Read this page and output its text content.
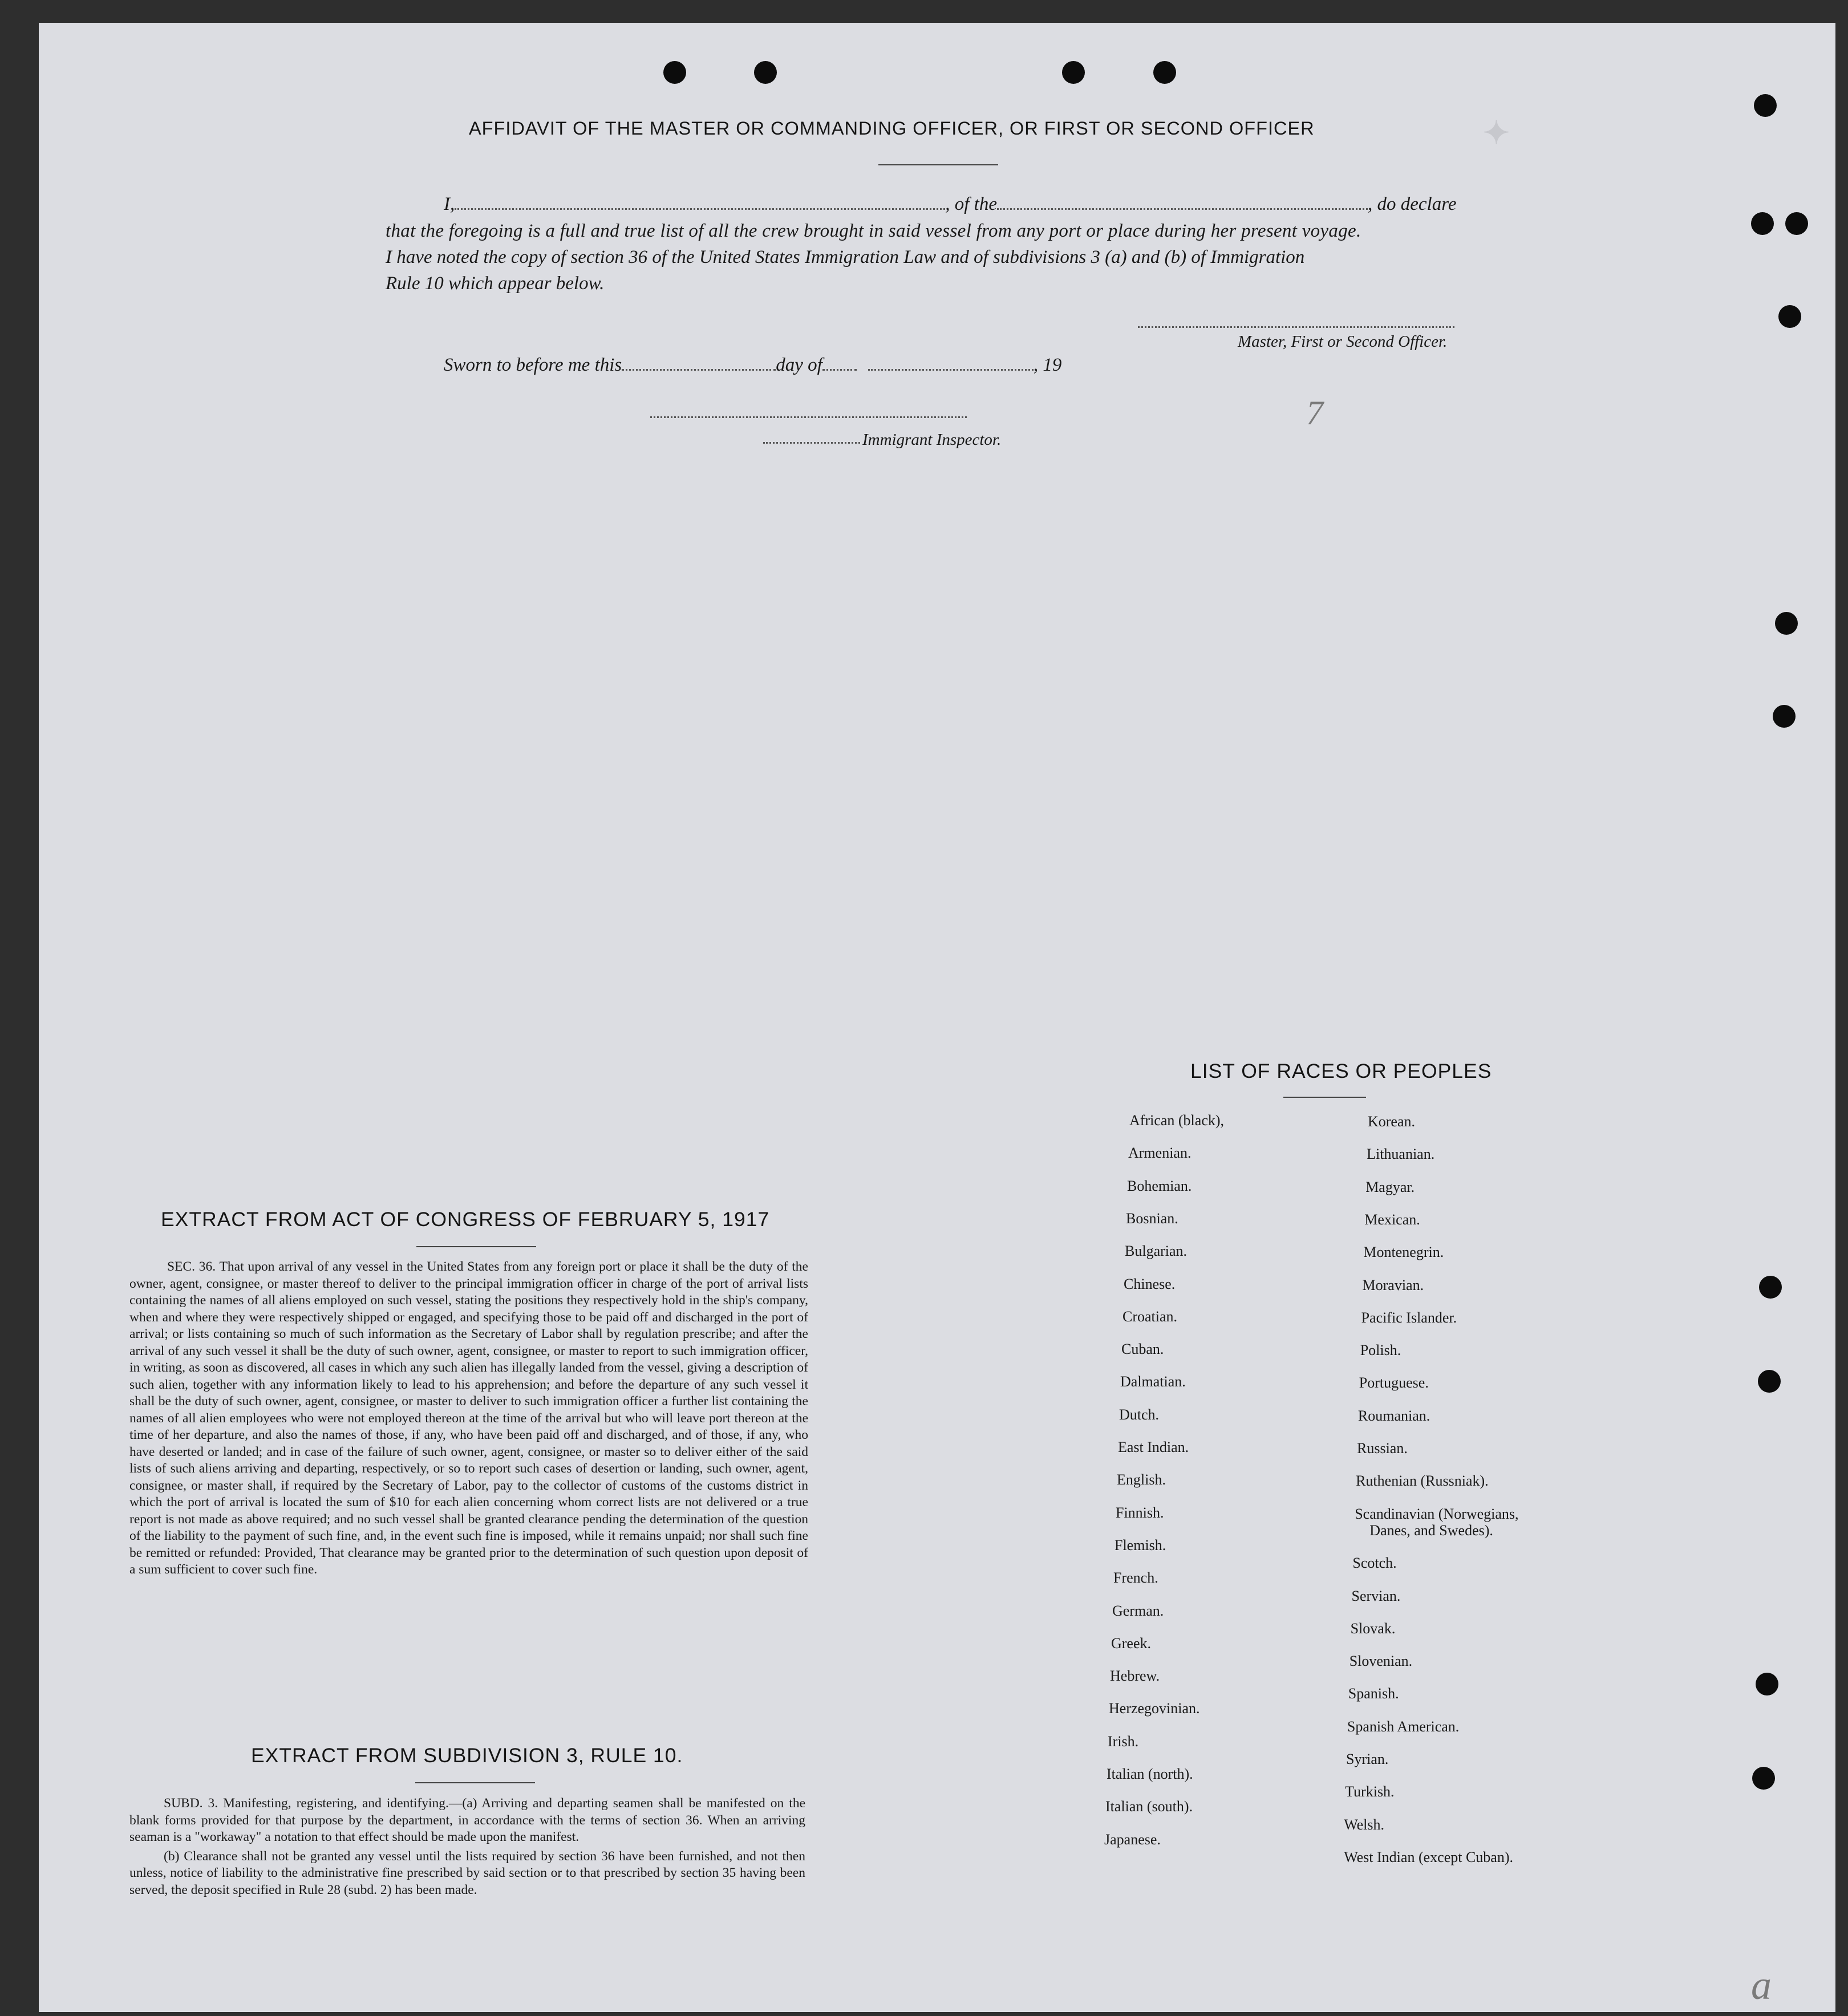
✦
AFFIDAVIT OF THE MASTER OR COMMANDING OFFICER, OR FIRST OR SECOND OFFICER
I,	, of the	, do declare
that the foregoing is a full and true list of all the crew brought in said vessel from any port or place during her present voyage.
I have noted the copy of section 36 of the United States Immigration Law and of subdivisions 3 (a) and (b) of Immigration
Rule 10 which appear below.
Master, First or Second Officer.
Sworn to before me this	day of	, 19
Immigrant Inspector.
7
EXTRACT FROM ACT OF CONGRESS OF FEBRUARY 5, 1917

SEC. 36. That upon arrival of any vessel in the United States from any foreign port or place it shall be the duty of the owner, agent, consignee, or master thereof to deliver to the principal immigration officer in charge of the port of arrival lists containing the names of all aliens employed on such vessel, stating the positions they respectively hold in the ship's company, when and where they were respectively shipped or engaged, and specifying those to be paid off and discharged in the port of arrival; or lists containing so much of such information as the Secretary of Labor shall by regulation prescribe; and after the arrival of any such vessel it shall be the duty of such owner, agent, consignee, or master to report to such immigration officer, in writing, as soon as discovered, all cases in which any such alien has illegally landed from the vessel, giving a description of such alien, together with any information likely to lead to his apprehension; and before the departure of any such vessel it shall be the duty of such owner, agent, consignee, or master to deliver to such immigration officer a further list containing the names of all alien employees who were not employed thereon at the time of the arrival but who will leave port thereon at the time of her departure, and also the names of those, if any, who have been paid off and discharged, and of those, if any, who have deserted or landed; and in case of the failure of such owner, agent, consignee, or master so to deliver either of the said lists of such aliens arriving and departing, respectively, or so to report such cases of desertion or landing, such owner, agent, consignee, or master shall, if required by the Secretary of Labor, pay to the collector of customs of the customs district in which the port of arrival is located the sum of $10 for each alien concerning whom correct lists are not delivered or a true report is not made as above required; and no such vessel shall be granted clearance pending the determination of the question of the liability to the payment of such fine, and, in the event such fine is imposed, while it remains unpaid; nor shall such fine be remitted or refunded: Provided, That clearance may be granted prior to the determination of such question upon deposit of a sum sufficient to cover such fine.

EXTRACT FROM SUBDIVISION 3, RULE 10.

SUBD. 3. Manifesting, registering, and identifying.—(a) Arriving and departing seamen shall be manifested on the blank forms provided for that purpose by the department, in accordance with the terms of section 36. When an arriving seaman is a "workaway" a notation to that effect should be made upon the manifest.

(b) Clearance shall not be granted any vessel until the lists required by section 36 have been furnished, and not then unless, notice of liability to the administrative fine prescribed by said section or to that prescribed by section 35 having been served, the deposit specified in Rule 28 (subd. 2) has been made.

LIST OF RACES OR PEOPLES
African (black),
Armenian.
Bohemian.
Bosnian.
Bulgarian.
Chinese.
Croatian.
Cuban.
Dalmatian.
Dutch.
East Indian.
English.
Finnish.
Flemish.
French.
German.
Greek.
Hebrew.
Herzegovinian.
Irish.
Italian (north).
Italian (south).
Japanese.
Korean.
Lithuanian.
Magyar.
Mexican.
Montenegrin.
Moravian.
Pacific Islander.
Polish.
Portuguese.
Roumanian.
Russian.
Ruthenian (Russniak).
Scandinavian (Norwegians,
Danes, and Swedes).
Scotch.
Servian.
Slovak.
Slovenian.
Spanish.
Spanish American.
Syrian.
Turkish.
Welsh.
West Indian (except Cuban).
a
